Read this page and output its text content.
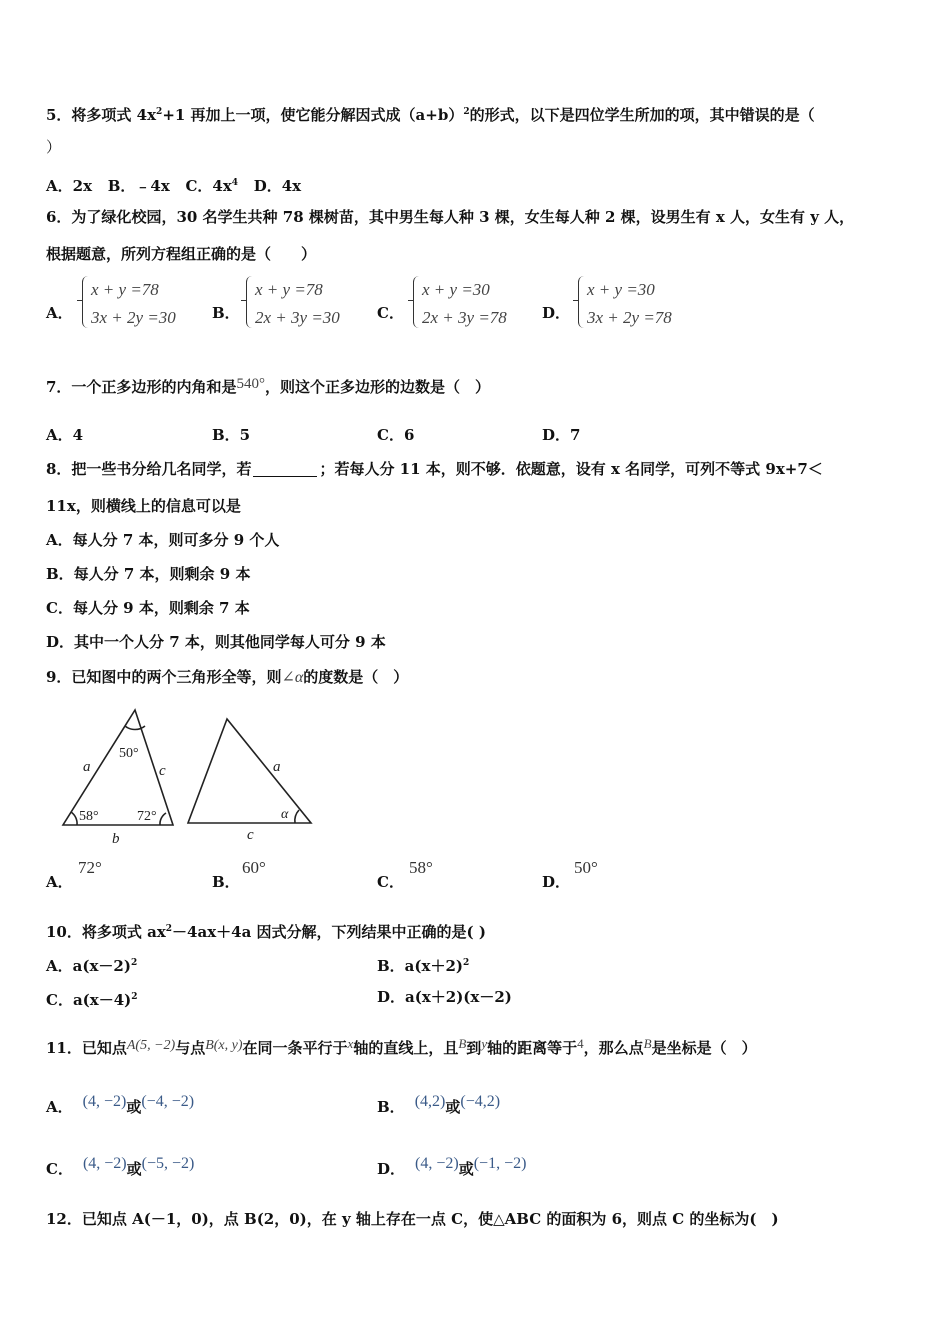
5．将多项式 $4x^2+1$ 再加上一项，使它能分解因式成$(a+b)^2$的形式，以下是四位学生所加的项，其中错误的是（
）
A．2x B．﹣4x C．$4x^4$ D．4x
6．为了绿化校园，30 名学生共种 78 棵树苗，其中男生每人种 3 棵，女生每人种 2 棵，设男生有 x 人，女生有 y 人，
根据题意，所列方程组正确的是（　　）
A．
x + y =78
3x + 2y =30 B．
x + y =78
2x + 3y =30 C．
x + y =30
2x + 3y =78 D．
x + y =30
3x + 2y =78
7．一个正多边形的内角和是540°，则这个正多边形的边数是（　）
A．4	B．5	C．6	D．7
8．把一些书分给几名同学，若	；若每人分 11 本，则不够．依题意，设有 x 名同学，可列不等式 9x+7＜
11x，则横线上的信息可以是
A．每人分 7 本，则可多分 9 个人
B．每人分 7 本，则剩余 9 本
C．每人分 9 本，则剩余 7 本
D．其中一个人分 7 本，则其他同学每人可分 9 本
9．已知图中的两个三角形全等，则∠α的度数是（　）
50°
58°	72°
a	c
b
a
α
c
A．
72°
B．
60°
C．
58°
D．
50°
10．将多项式 $ax^2-4ax+4a$ 因式分解，下列结果中正确的是( )
A．$a(x-2)^2$	B．$a(x+2)^2$
C．$a(x-4)^2$	D．a(x＋2)(x－2)
11．已知点A(5, −2)与点B(x, y)在同一条平行于x轴的直线上，且B到y轴的距离等于4，那么点B是坐标是（　）
A． (4, −2)或(−4, −2)	B． (4,2)或(−4,2)
C． (4, −2)或(−5, −2)	D． (4, −2)或(−1, −2)
12．已知点 A(－1，0)，点 B(2，0)，在 y 轴上存在一点 C，使△ABC 的面积为 6，则点 C 的坐标为(　)
